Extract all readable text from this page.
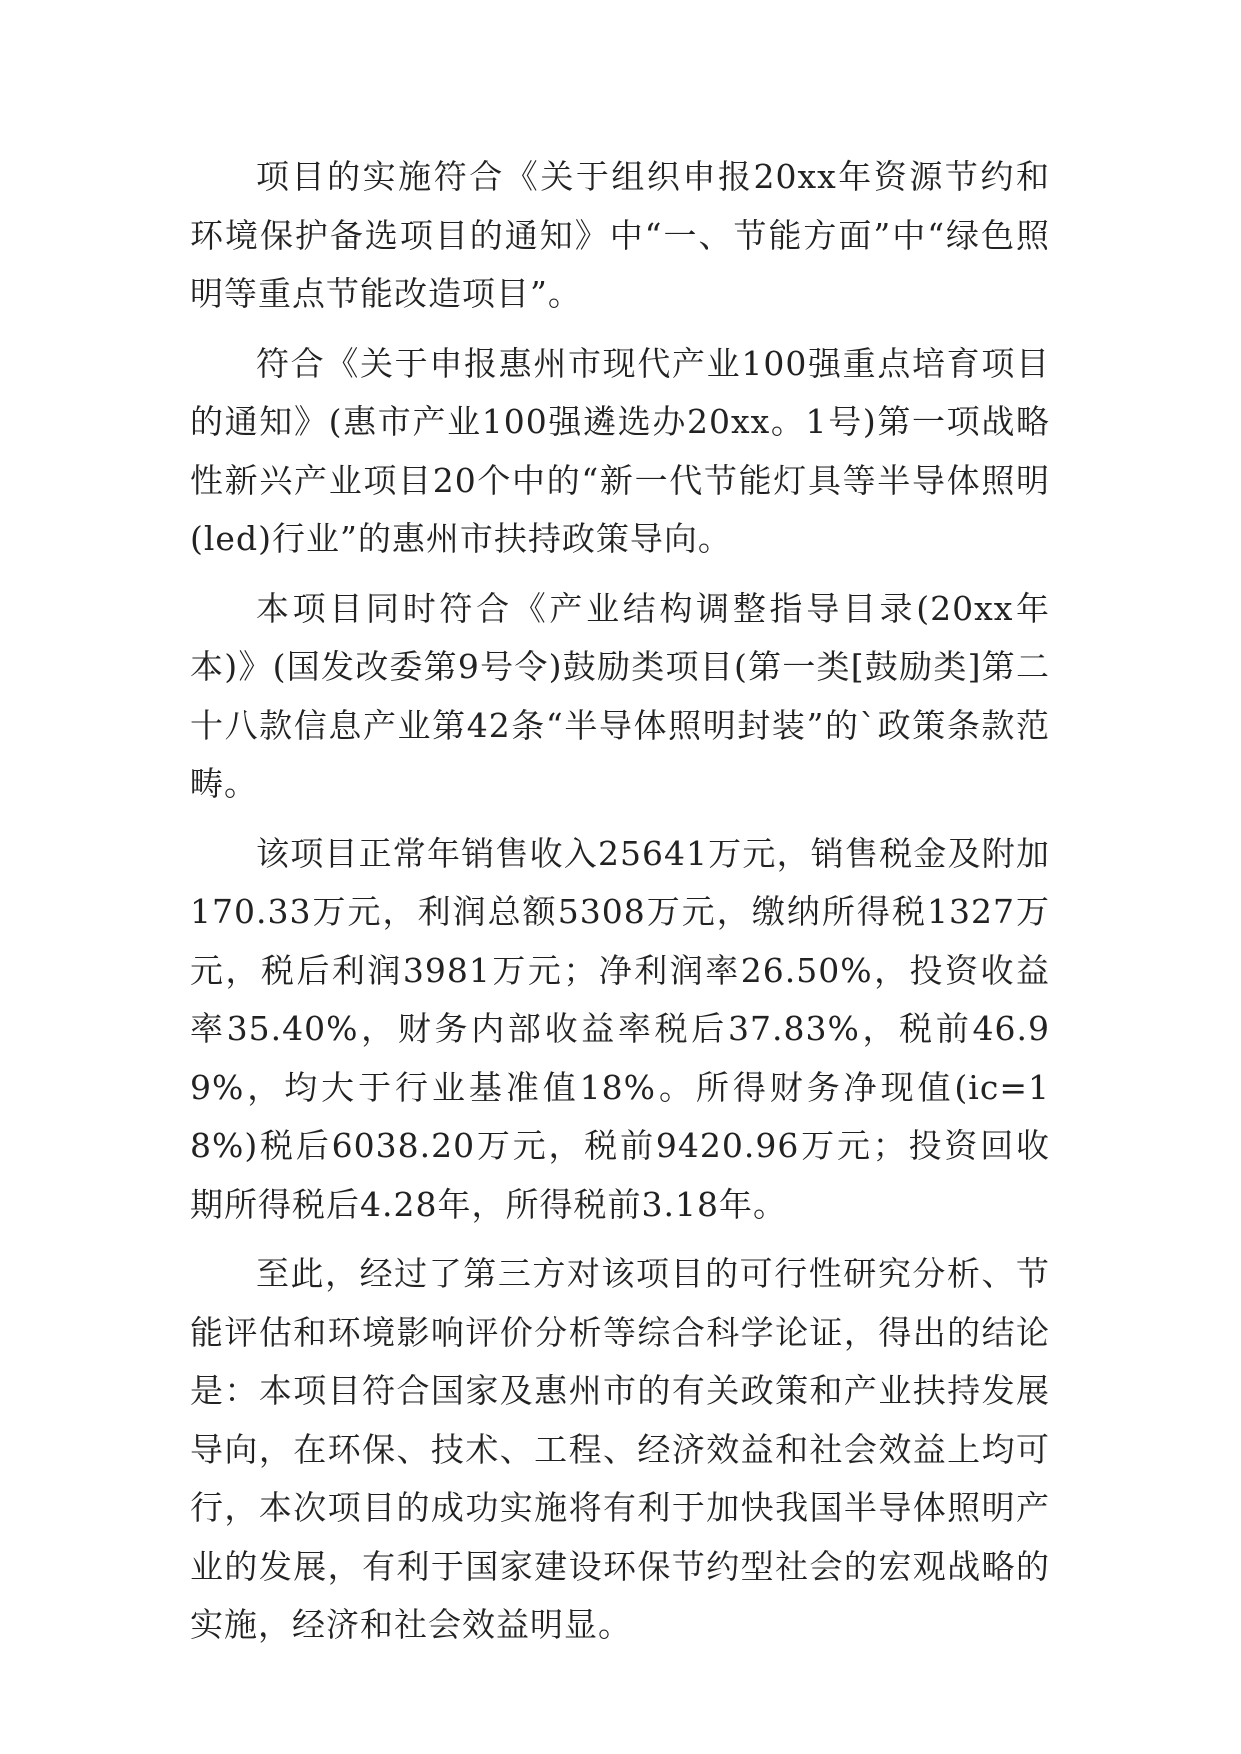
项目的实施符合《关于组织申报20xx年资源节约和环境保护备选项目的通知》中“一、节能方面”中“绿色照明等重点节能改造项目”。

符合《关于申报惠州市现代产业100强重点培育项目的通知》(惠市产业100强遴选办20xx。1号)第一项战略性新兴产业项目20个中的“新一代节能灯具等半导体照明(led)行业”的惠州市扶持政策导向。

本项目同时符合《产业结构调整指导目录(20xx年本)》(国发改委第9号令)鼓励类项目(第一类[鼓励类]第二十八款信息产业第42条“半导体照明封装”的`政策条款范畴。

该项目正常年销售收入25641万元，销售税金及附加170.33万元，利润总额5308万元，缴纳所得税1327万元，税后利润3981万元；净利润率26.50%，投资收益率35.40%，财务内部收益率税后37.83%，税前46.99%，均大于行业基准值18%。所得财务净现值(ic=18%)税后6038.20万元，税前9420.96万元；投资回收期所得税后4.28年，所得税前3.18年。

至此，经过了第三方对该项目的可行性研究分析、节能评估和环境影响评价分析等综合科学论证，得出的结论是：本项目符合国家及惠州市的有关政策和产业扶持发展导向，在环保、技术、工程、经济效益和社会效益上均可行，本次项目的成功实施将有利于加快我国半导体照明产业的发展，有利于国家建设环保节约型社会的宏观战略的实施，经济和社会效益明显。
